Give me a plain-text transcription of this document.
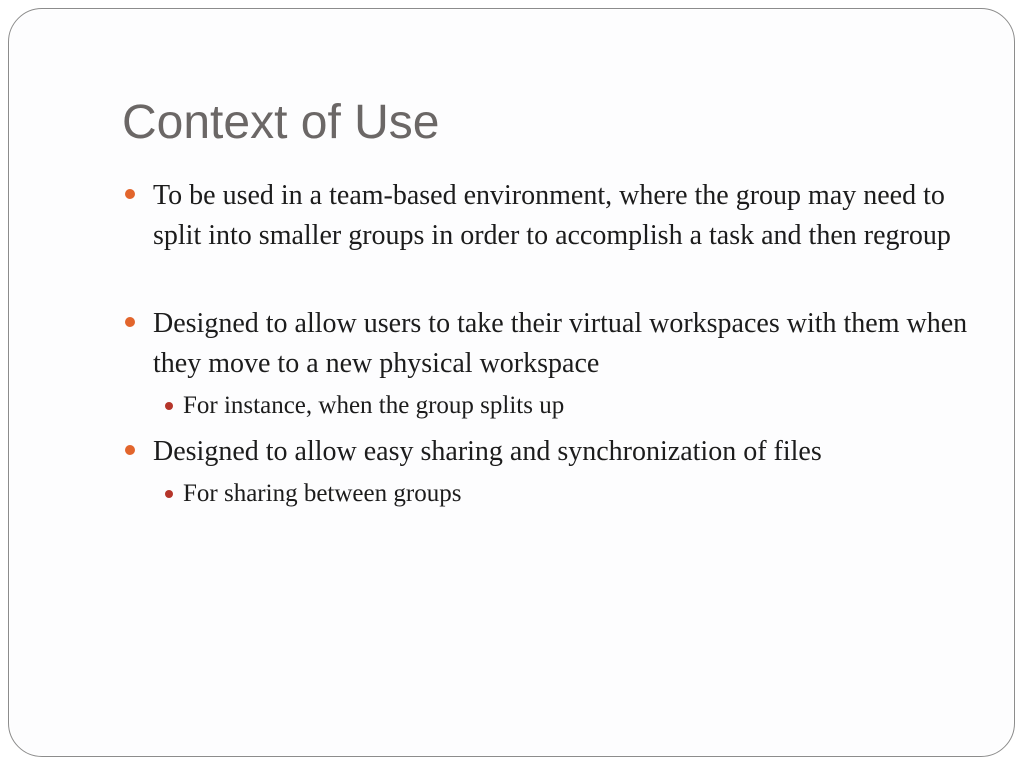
Context of Use
To be used in a team-based environment, where the group may need to split into smaller groups in order to accomplish a task and then regroup
Designed to allow users to take their virtual workspaces with them when they move to a new physical workspace
For instance, when the group splits up
Designed to allow easy sharing and synchronization of files
For sharing between groups
